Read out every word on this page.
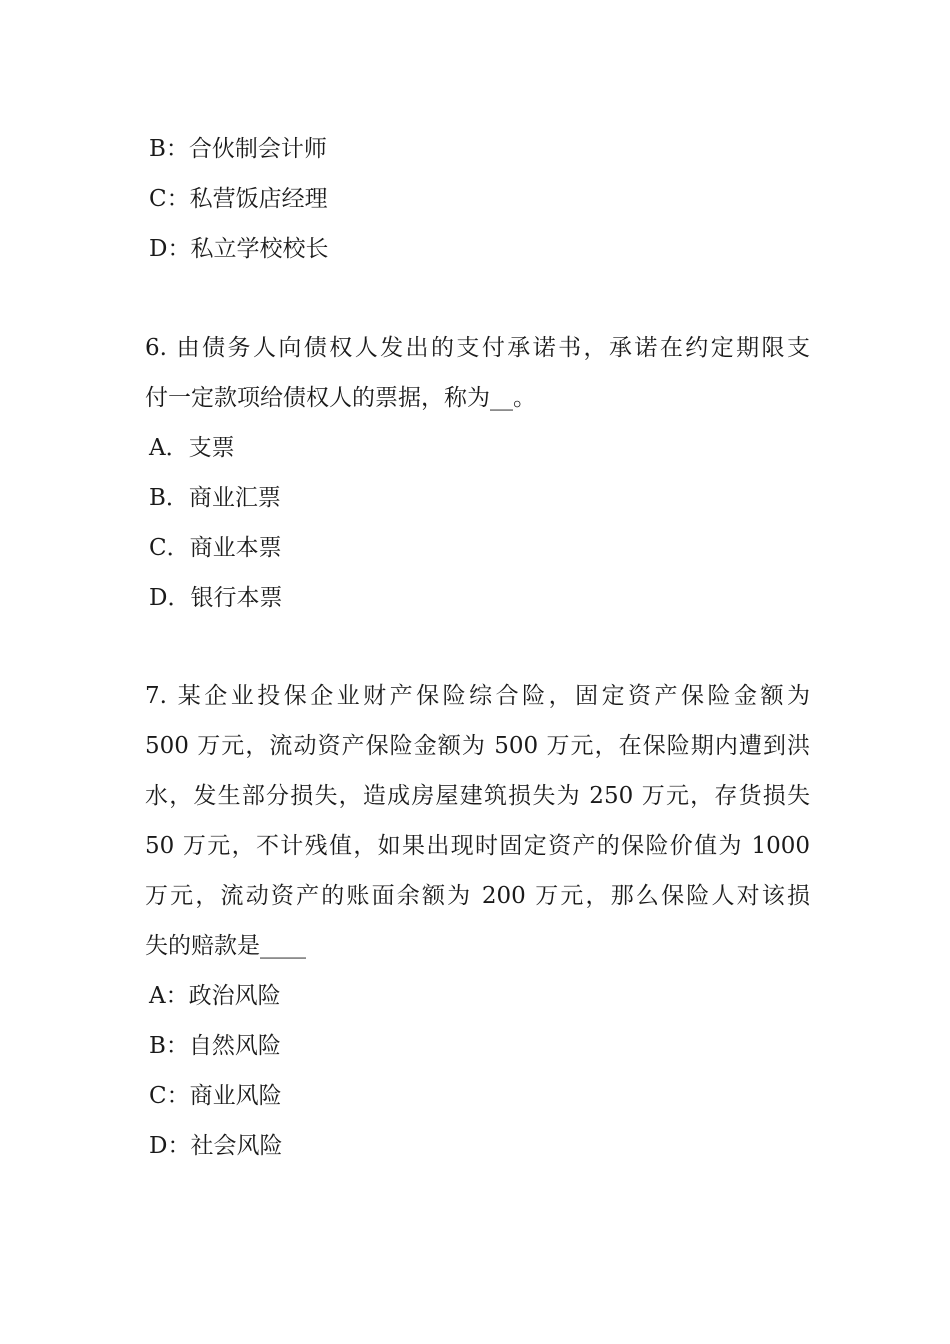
B：合伙制会计师
C：私营饭店经理
D：私立学校校长
6. 由债务人向债权人发出的支付承诺书，承诺在约定期限支
付一定款项给债权人的票据，称为__。
A．支票
B．商业汇票
C．商业本票
D．银行本票
7. 某企业投保企业财产保险综合险，固定资产保险金额为
500 万元，流动资产保险金额为 500 万元，在保险期内遭到洪
水，发生部分损失，造成房屋建筑损失为 250 万元，存货损失
50 万元，不计残值，如果出现时固定资产的保险价值为 1000
万元，流动资产的账面余额为 200 万元，那么保险人对该损
失的赔款是____
A：政治风险
B：自然风险
C：商业风险
D：社会风险
